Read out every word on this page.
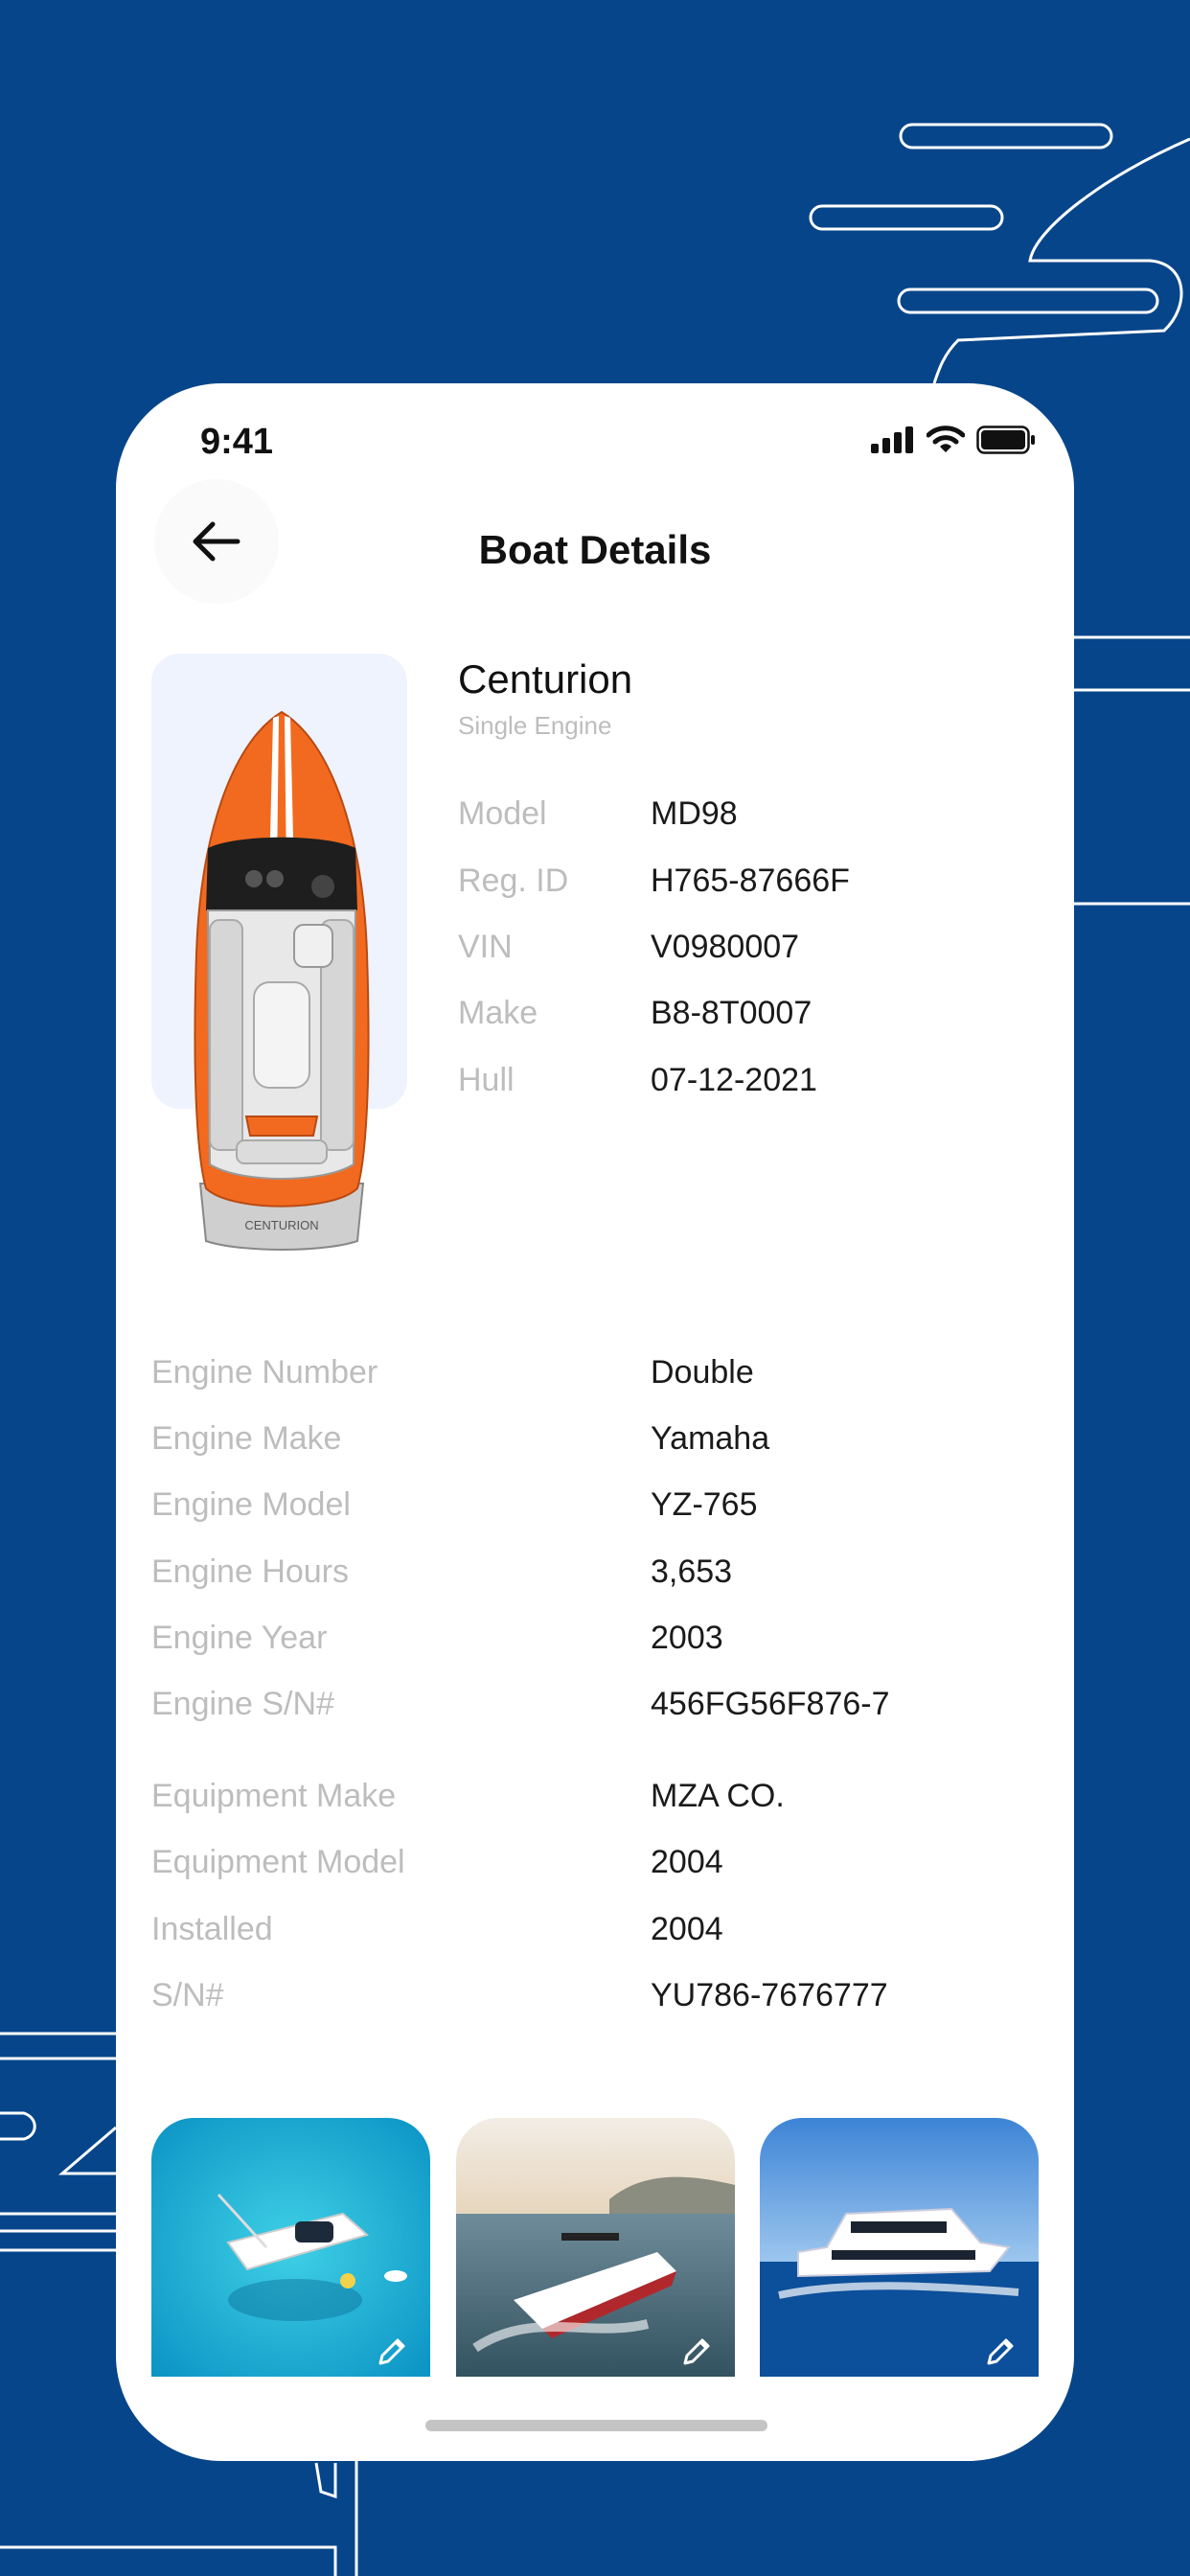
9:41
Boat Details
CENTURION
Centurion
Single Engine
Model	MD98
Reg. ID	H765-87666F
VIN	V0980007
Make	B8-8T0007
Hull	07-12-2021
Engine Number	Double
Engine Make	Yamaha
Engine Model	YZ-765
Engine Hours	3,653
Engine Year	2003
Engine S/N#	456FG56F876-7
Equipment Make	MZA CO.
Equipment Model	2004
Installed	2004
S/N#	YU786-7676777
